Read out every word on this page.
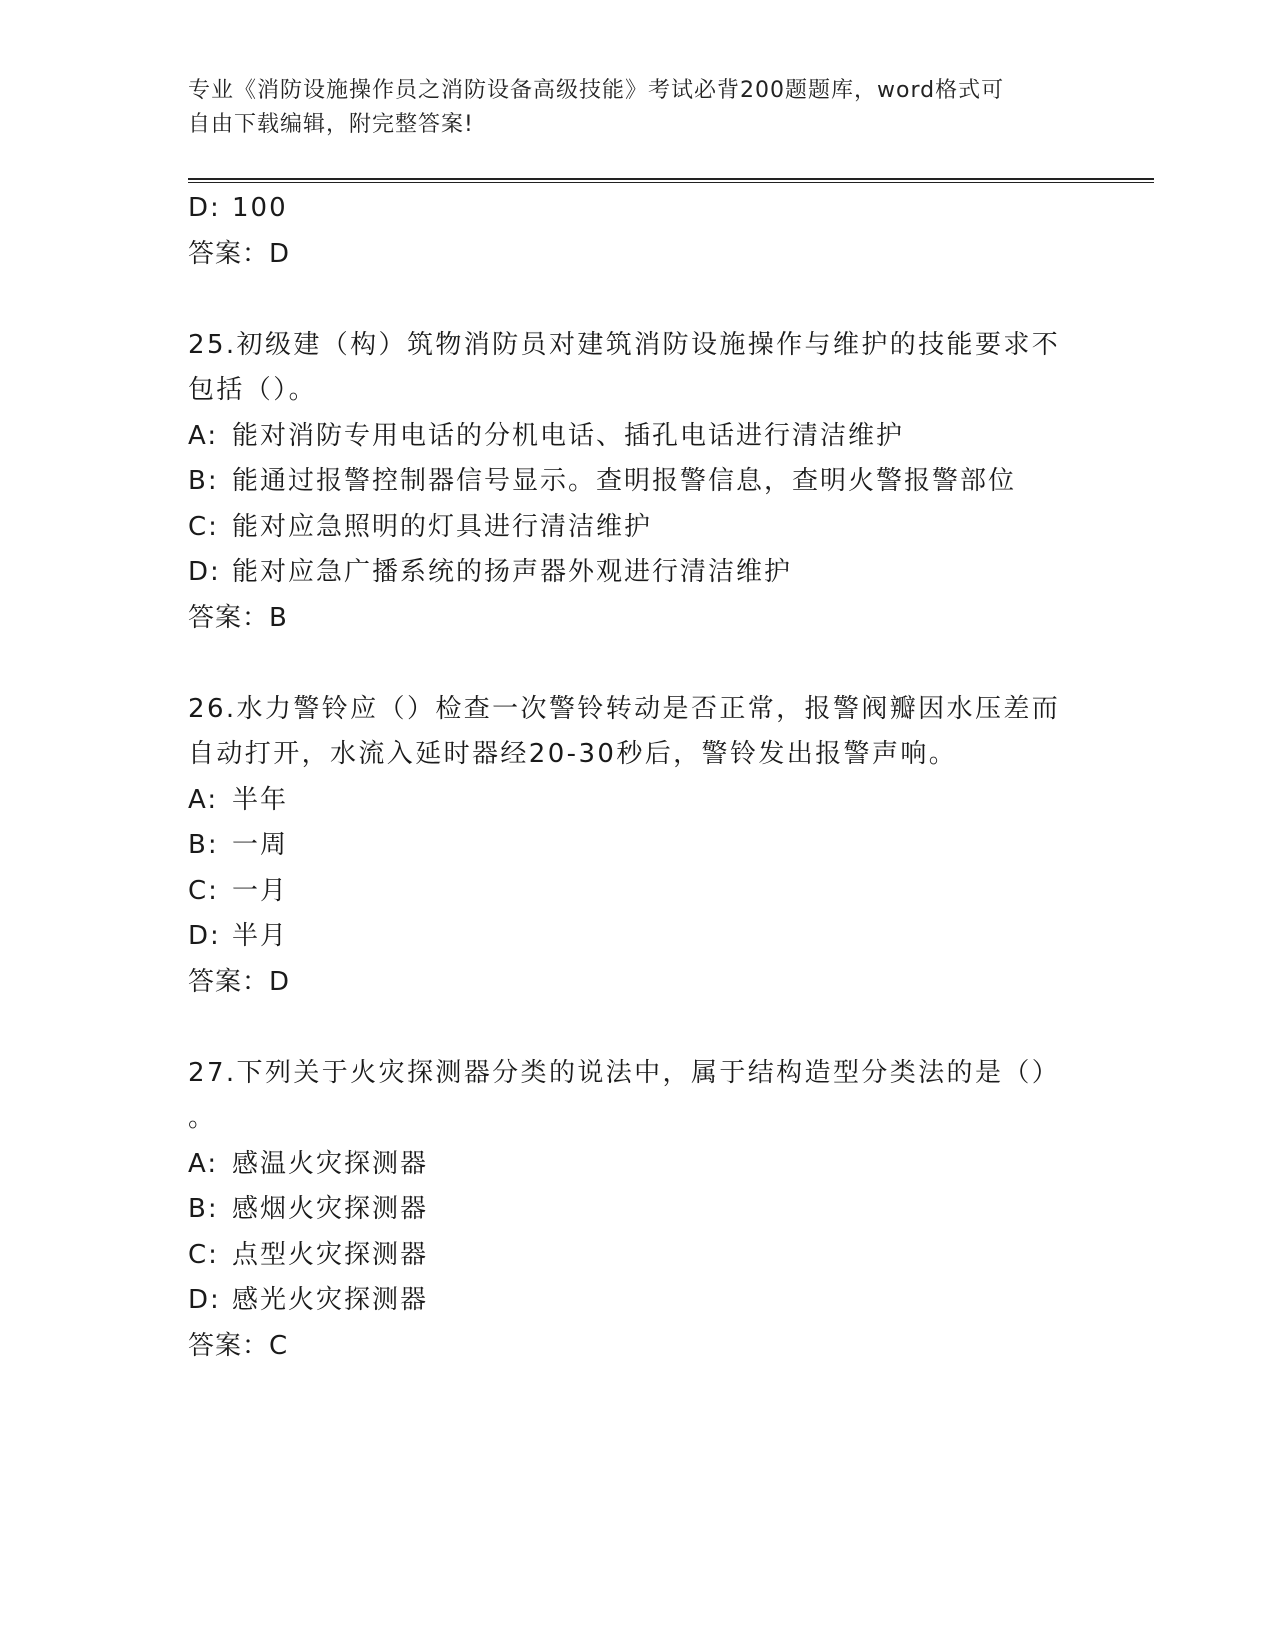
专业《消防设施操作员之消防设备高级技能》考试必背200题题库，word格式可
自由下载编辑，附完整答案!
D: 100
答案：D
25.初级建（构）筑物消防员对建筑消防设施操作与维护的技能要求不
包括（）。
A: 能对消防专用电话的分机电话、插孔电话进行清洁维护
B: 能通过报警控制器信号显示。查明报警信息，查明火警报警部位
C: 能对应急照明的灯具进行清洁维护
D: 能对应急广播系统的扬声器外观进行清洁维护
答案：B
26.水力警铃应（）检查一次警铃转动是否正常，报警阀瓣因水压差而
自动打开，水流入延时器经20-30秒后，警铃发出报警声响。
A: 半年
B: 一周
C: 一月
D: 半月
答案：D
27.下列关于火灾探测器分类的说法中，属于结构造型分类法的是（）
。
A: 感温火灾探测器
B: 感烟火灾探测器
C: 点型火灾探测器
D: 感光火灾探测器
答案：C
